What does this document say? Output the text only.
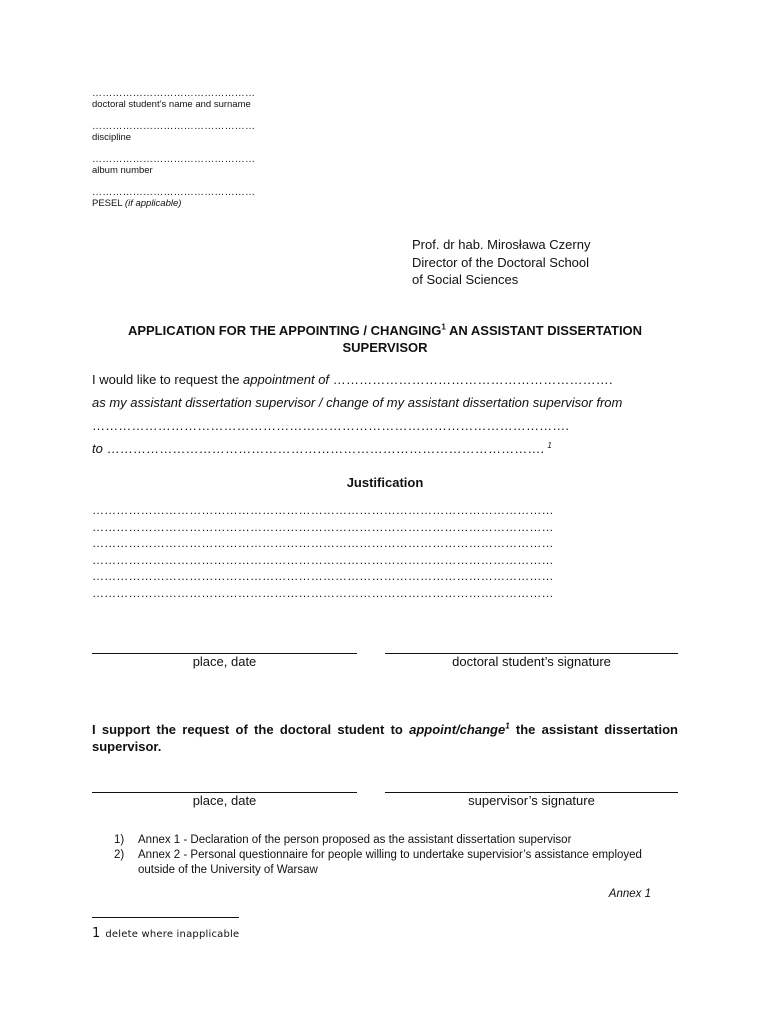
…………………………………………
doctoral student’s name and surname
…………………………………………
discipline
…………………………………………
album number
…………………………………………
PESEL (if applicable)
Prof. dr hab. Mirosława Czerny
Director of the Doctoral School
of Social Sciences
APPLICATION FOR THE APPOINTING / CHANGING$^1$ AN ASSISTANT DISSERTATION
SUPERVISOR
I would like to request the appointment of ……………………………………………………….
as my assistant dissertation supervisor / change of my assistant dissertation supervisor from
……………………………………………………………………………………………….
to ………………………………………………………………………………………. $^1$
Justification
……………………………………………………………………………………………………
……………………………………………………………………………………………………
……………………………………………………………………………………………………
……………………………………………………………………………………………………
……………………………………………………………………………………………………
……………………………………………………………………………………………………
place, date	doctoral student’s signature
I support the request of the doctoral student to appoint/change$^1$ the assistant dissertation supervisor.
place, date	supervisor’s signature
1)	Annex 1 - Declaration of the person proposed as the assistant dissertation supervisor
2)	Annex 2 - Personal questionnaire for people willing to undertake supervisior’s assistance employed outside of the University of Warsaw
Annex 1
1 delete where inapplicable
